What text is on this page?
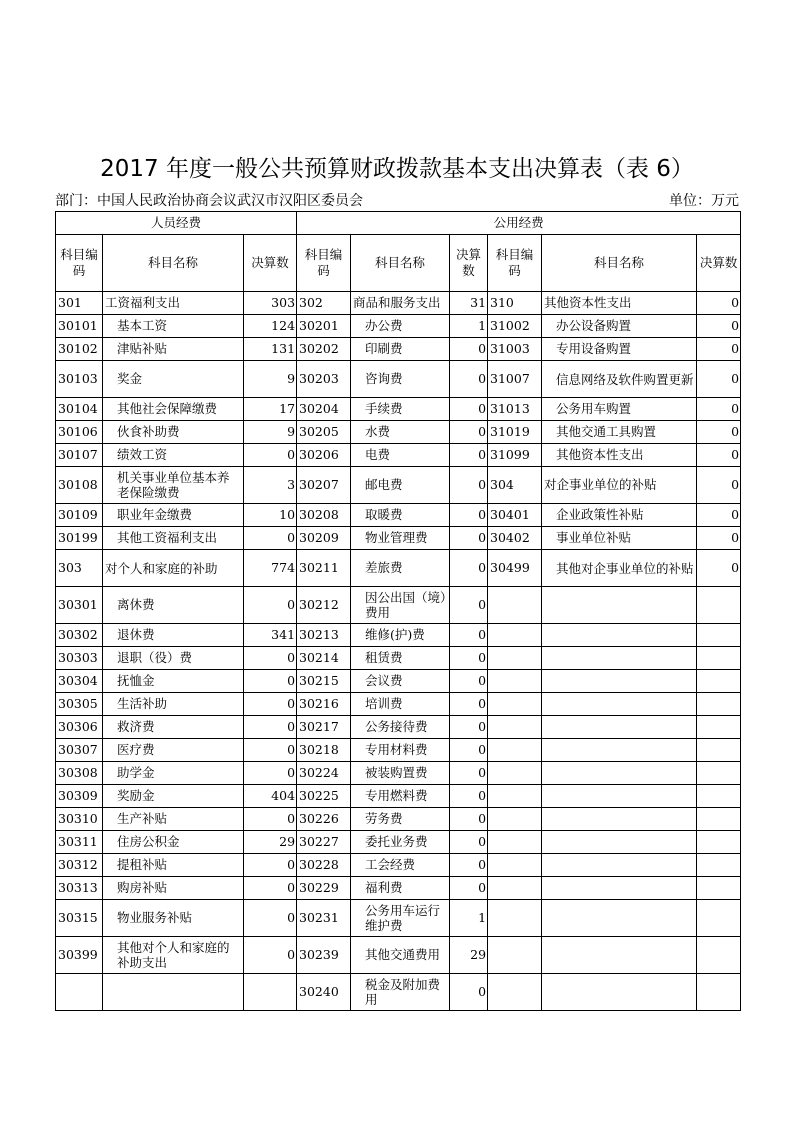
2017 年度一般公共预算财政拨款基本支出决算表（表 6）
部门：中国人民政治协商会议武汉市汉阳区委员会	单位：万元
人员经费			公用经费					
科目编码	科目名称	决算数	科目编码	科目名称	决算数	科目编码	科目名称	决算数
301	工资福利支出	303	302	商品和服务支出	31	310	其他资本性支出	0
30101	基本工资	124	30201	办公费	1	31002	办公设备购置	0
30102	津贴补贴	131	30202	印刷费	0	31003	专用设备购置	0
30103	奖金	9	30203	咨询费	0	31007	信息网络及软件购置更新	0
30104	其他社会保障缴费	17	30204	手续费	0	31013	公务用车购置	0
30106	伙食补助费	9	30205	水费	0	31019	其他交通工具购置	0
30107	绩效工资	0	30206	电费	0	31099	其他资本性支出	0
30108	机关事业单位基本养老保险缴费	3	30207	邮电费	0	304	对企事业单位的补贴	0
30109	职业年金缴费	10	30208	取暖费	0	30401	企业政策性补贴	0
30199	其他工资福利支出	0	30209	物业管理费	0	30402	事业单位补贴	0
303	对个人和家庭的补助	774	30211	差旅费	0	30499	其他对企事业单位的补贴	0
30301	离休费	0	30212	因公出国（境）费用	0			
30302	退休费	341	30213	维修(护)费	0			
30303	退职（役）费	0	30214	租赁费	0			
30304	抚恤金	0	30215	会议费	0			
30305	生活补助	0	30216	培训费	0			
30306	救济费	0	30217	公务接待费	0			
30307	医疗费	0	30218	专用材料费	0			
30308	助学金	0	30224	被装购置费	0			
30309	奖励金	404	30225	专用燃料费	0			
30310	生产补贴	0	30226	劳务费	0			
30311	住房公积金	29	30227	委托业务费	0			
30312	提租补贴	0	30228	工会经费	0			
30313	购房补贴	0	30229	福利费	0			
30315	物业服务补贴	0	30231	公务用车运行维护费	1			
30399	其他对个人和家庭的补助支出	0	30239	其他交通费用	29			
			30240	税金及附加费用	0			
